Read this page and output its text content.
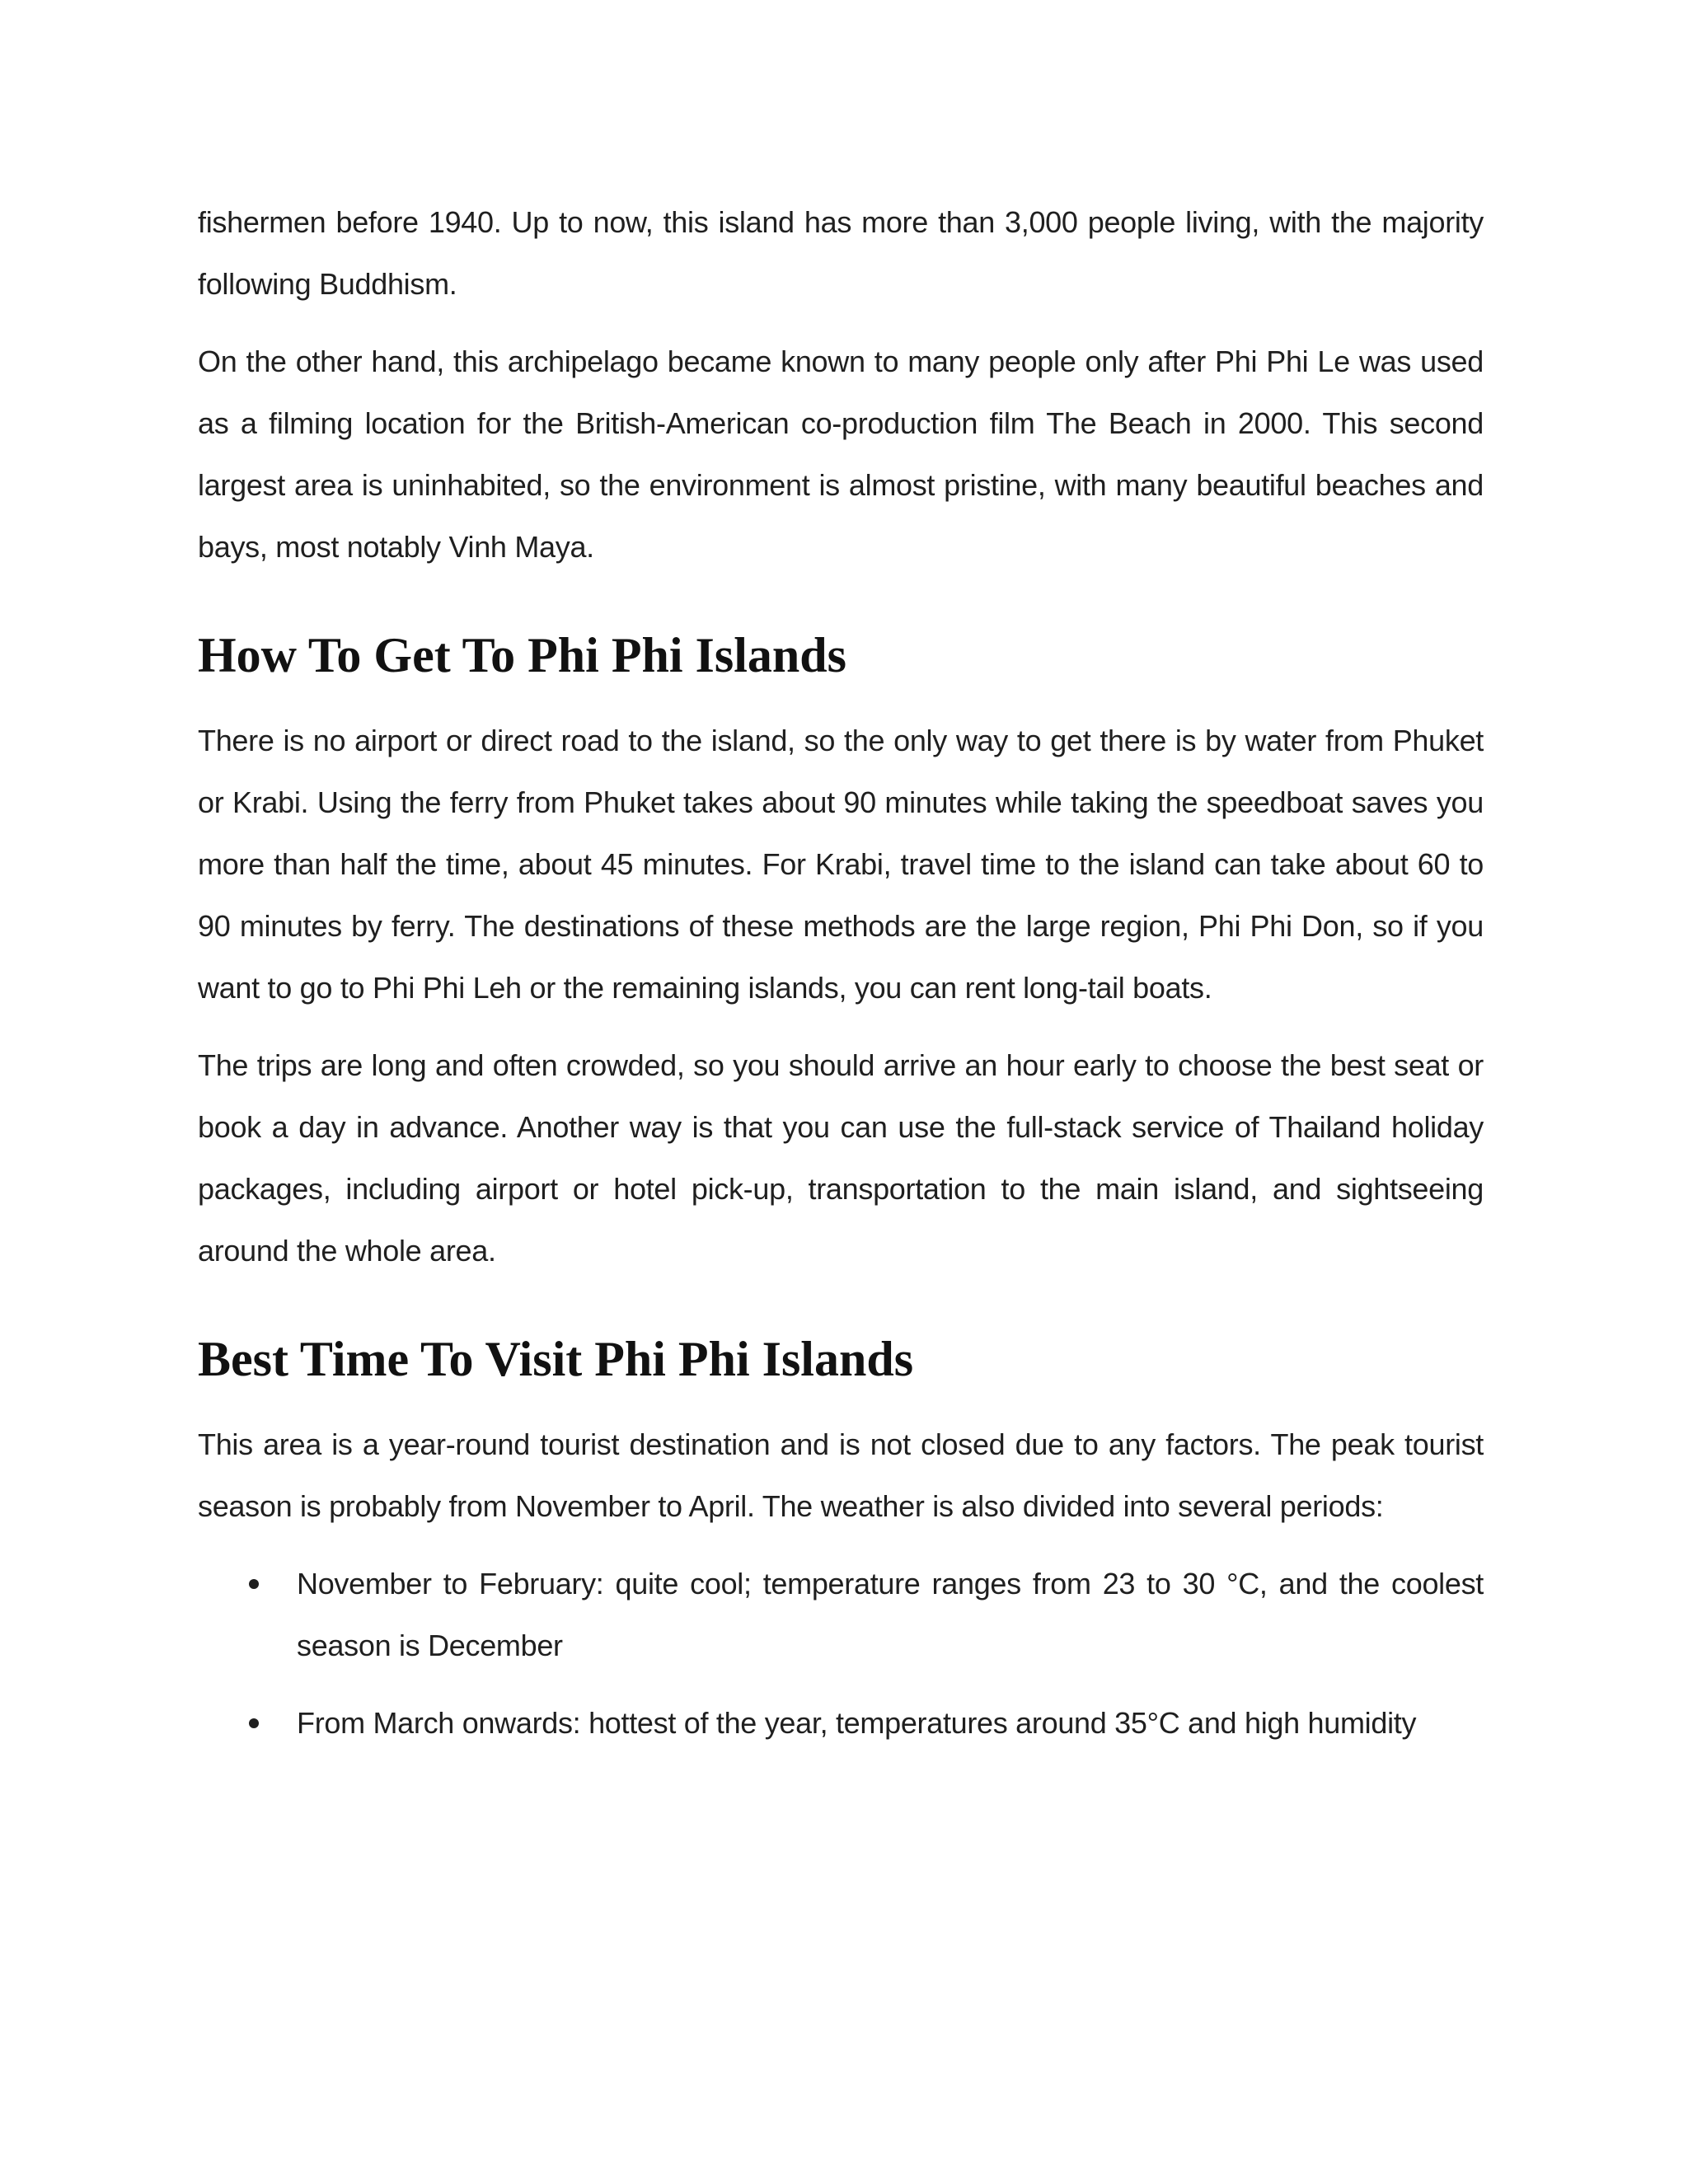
fishermen before 1940. Up to now, this island has more than 3,000 people living, with the majority following Buddhism.

On the other hand, this archipelago became known to many people only after Phi Phi Le was used as a filming location for the British-American co-production film The Beach in 2000. This second largest area is uninhabited, so the environment is almost pristine, with many beautiful beaches and bays, most notably Vinh Maya.

How To Get To Phi Phi Islands

There is no airport or direct road to the island, so the only way to get there is by water from Phuket or Krabi. Using the ferry from Phuket takes about 90 minutes while taking the speedboat saves you more than half the time, about 45 minutes. For Krabi, travel time to the island can take about 60 to 90 minutes by ferry. The destinations of these methods are the large region, Phi Phi Don, so if you want to go to Phi Phi Leh or the remaining islands, you can rent long-tail boats.

The trips are long and often crowded, so you should arrive an hour early to choose the best seat or book a day in advance. Another way is that you can use the full-stack service of Thailand holiday packages, including airport or hotel pick-up, transportation to the main island, and sightseeing around the whole area.

Best Time To Visit Phi Phi Islands

This area is a year-round tourist destination and is not closed due to any factors. The peak tourist season is probably from November to April. The weather is also divided into several periods:

November to February: quite cool; temperature ranges from 23 to 30 °C, and the coolest season is December
From March onwards: hottest of the year, temperatures around 35°C and high humidity
